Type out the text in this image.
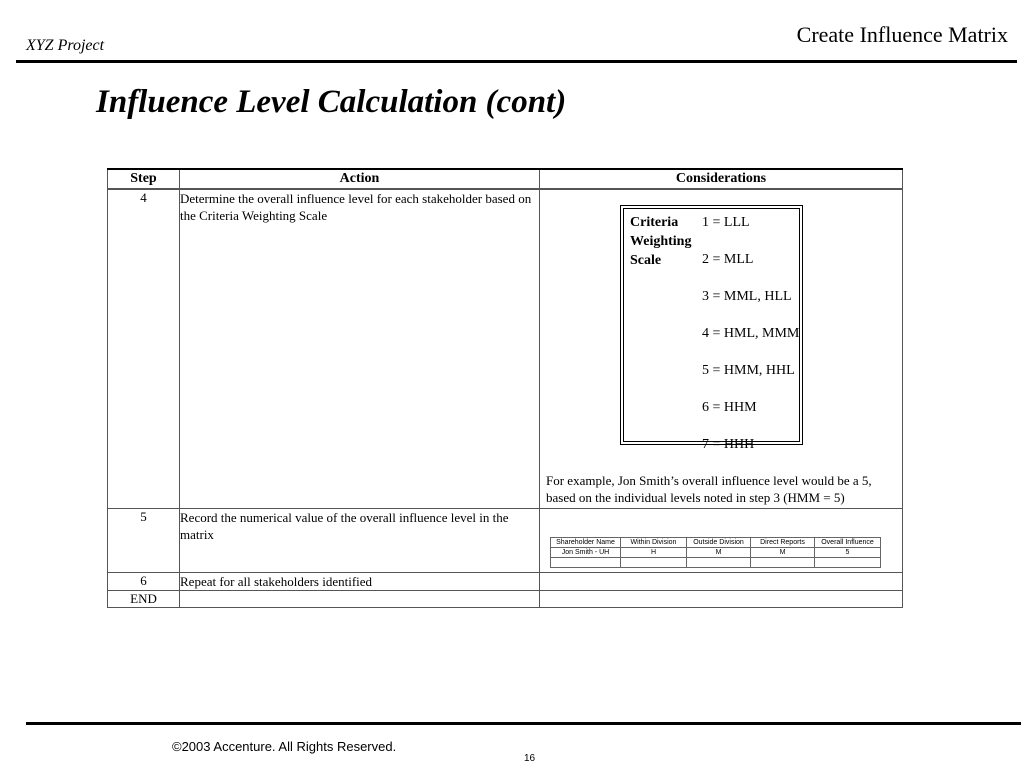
XYZ Project	Create Influence Matrix
Influence Level Calculation (cont)
Step	Action	Considerations
4	Determine the overall influence level for each stakeholder based on the Criteria Weighting Scale	Criteria
Weighting
Scale
1 = LLL
2 = MLL
3 = MML, HLL
4 = HML, MMM
5 = HMM, HHL
6 = HHM
7 = HHH
For example, Jon Smith’s overall influence level would be a 5, based on the individual levels noted in step 3 (HMM = 5)

5	Record the numerical value of the overall influence level in the matrix	
Shareholder Name	Within Division	Outside Division	Direct Reports	Overall Influence
Jon Smith - UH	H	M	M	5

6	Repeat for all stakeholders identified	
END		
©2003 Accenture. All Rights Reserved.
16
